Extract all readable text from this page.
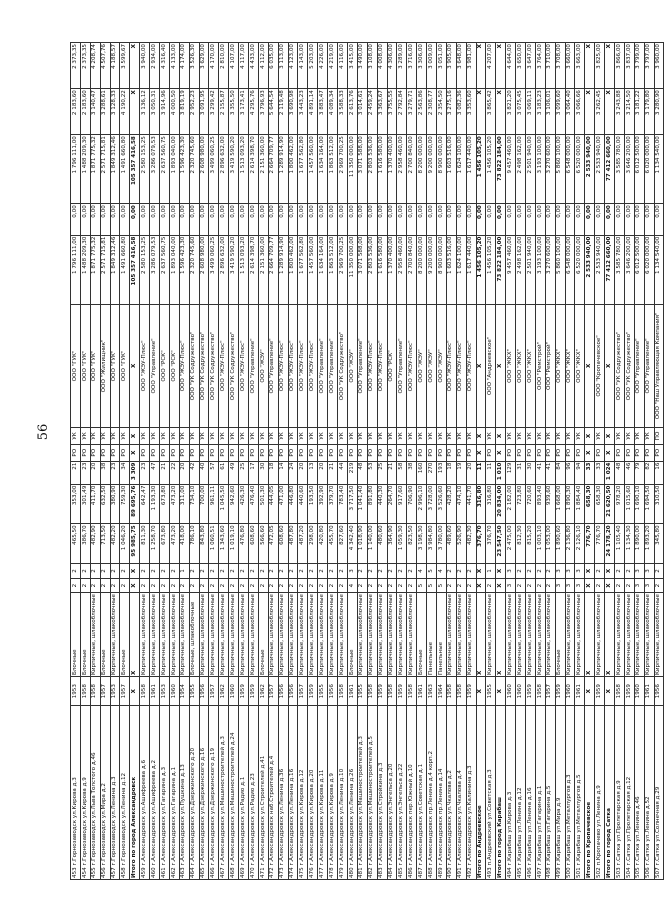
56
453 г.Горнозаводск ул.Кирова д.3	1953	Блочные	2	2	465,50	353,00	21	РО	УК	ООО "ГУК"	1 796 111,00	0,00	1 796 111,00	2 183,60	2 373,35
454 г.Горнозаводск ул.Кирова д.9	1958	Блочные	2	2	386,70	301,49	23	РО	УК	ООО "ГУК"	1 488 209,30	0,00	1 488 209,30	2 183,60	2 373,35
455 г.Горнозаводск ул.Льва Толстого д.46	1958	Кирпичные, шлакоблочные	2	2	482,90	411,70	20	РО	УК	ООО "ГУК"	1 871 775,32	0,00	1 871 775,32	3 140,47	4 208,74
456 г.Горнозаводск ул.Мира д.2	1957	Блочные	2	2	713,50	632,50	38	РО	УК	ООО "Жилищник"	2 571 715,81	0,00	2 571 715,81	3 288,61	4 507,76
457 г.Горнозаводск ул.Ленина д.3	1953	Кирпичные, шлакоблочные	2	2	482,20	380,90	23	РО	УК	ООО "ГУК"	1 849 312,46	0,00	1 849 312,46	3 128,33	4 188,57
458 г.Горнозаводск ул.Ленина д.12	1957	Блочные	2	2	1 046,20	759,30	34	РО	УК	ООО "ГУК"	1 491 660,80	0,00	1 491 660,80	4 190,22	3 599,67
Итого по город Александровск	X	X	X	X	95 985,75	89 695,76	3 309	X	X	X	105 357 416,58	0,00	105 357 416,58	X	X
459 г.Александровск ул.Ашифреева д.6	1958	Кирпичные, шлакоблочные	2	2	811,30	642,47	23	РО	УК	ООО "ЖЭУ-Плюс"	2 580 153,25	0,00	2 580 153,25	3 136,12	3 940,00
460 г.Александровск ул.Ашифреева д.2	1961	Кирпичные, шлакоблочные	2	2	1 258,70	1 193,30	47	РО	УК	ООО "Управление"	3 286 079,53	0,00	3 286 079,53	3 050,31	2 934,00
461 г.Александровск ул.Гагарина д.3	1953	Кирпичные, шлакоблочные	2	2	673,80	673,80	21	РО	УК	ООО "РСК"	2 637 560,75	0,00	2 637 560,75	3 914,96	4 316,40
462 г.Александровск ул.Гагарина д.1	1960	Кирпичные, шлакоблочные	2	2	473,20	473,20	22	РО	УК	ООО "РСК"	1 893 040,00	0,00	1 893 040,00	4 000,50	4 133,00
463 г.Александровск ул.Пушкина д.13	1954	Кирпичные, шлакоблочные	2	1	418,00	311,00	20	РО	УК	ООО "ЖЭУ-Плюс"	1 596 423,30	0,00	1 596 423,30	3 819,19	4 174,00
464 г.Александровск ул.Дзержинского д.20	1955	Блочные, шлакоблочные	2	2	786,10	734,10	42	РО	УК	ООО "УК Содружество"	2 320 745,60	0,00	2 320 745,60	2 952,23	3 526,30
465 г.Александровск ул.Дзержинского д.16	1956	Кирпичные, шлакоблочные	2	2	843,80	700,00	40	РО	УК	ООО "УК Содружество"	2 608 980,00	0,00	2 608 980,00	3 091,95	3 629,00
466 г.Александровск ул.Дзержинского д.19	1957	Кирпичные, шлакоблочные	2	2	1 060,51	961,11	57	РО	УК	ООО "УК Содружество"	3 499 060,25	0,00	3 499 060,25	3 299,42	4 170,00
467 г.Александровск ул.Машиностроителей д.3	1962	Кирпичные, шлакоблочные	2	2	1 343,60	1 045,50	61	РО	УК	ООО "ЖЭУ-Плюс"	2 896 632,00	0,00	2 896 632,00	2 155,87	2 810,00
468 г.Александровск ул.Машиностроителей д.24	1960	Кирпичные, шлакоблочные	2	2	1 019,10	942,60	49	РО	УК	ООО "УК Содружество"	3 419 590,20	0,00	3 419 590,20	3 355,50	4 107,00
469 г.Александровск ул.Радио д.1	1959	Кирпичные, шлакоблочные	2	2	476,80	426,30	25	РО	УК	ООО "ЖЭУ-Плюс"	1 513 093,20	0,00	1 513 093,20	3 173,41	4 117,00
470 г.Александровск ул.Радио д.23	1959	Кирпичные, шлакоблочные	2	2	608,60	476,40	17	РО	УК	ООО "Управление"	2 614 398,70	0,00	2 614 398,70	4 295,76	4 433,00
471 г.Александровск ул.Строителей д.41	1962	Блочные	2	2	566,60	501,30	30	РО	УК	ООО "ЖЭУ"	2 151 360,00	0,00	2 151 360,00	3 796,93	4 112,00
472 г.Александровск наб.Строителей д.4	1957	Кирпичные, шлакоблочные	2	2	472,05	444,05	18	РО	УК	ООО "Управление"	2 664 709,77	0,00	2 664 709,77	5 644,54	6 035,00
473 г.Александровск ул.Ленина д.36	1956	Кирпичные, шлакоблочные	2	2	608,60	471,00	14	РО	УК	ООО "ЖЭУ-Плюс"	1 289 914,90	0,00	1 289 914,90	2 119,48	3 113,00
474 г.Александровск ул.Ленина д.16	1956	Кирпичные, шлакоблочные	2	2	487,80	446,80	24	РО	УК	ООО "ЖЭУ-Плюс"	1 800 462,00	0,00	1 800 462,00	3 690,98	4 123,00
475 г.Александровск ул.Кирова д.12	1957	Кирпичные, шлакоблочные	2	2	487,20	440,60	20	РО	УК	ООО "ЖЭУ-Плюс"	1 677 562,80	0,00	1 677 562,80	3 443,23	4 143,00
476 г.Александровск ул.Кирова д.20	1959	Кирпичные, шлакоблочные	2	2	298,00	193,50	13	РО	УК	ООО "ЖЭУ-Плюс"	1 457 560,00	0,00	1 457 560,00	4 891,14	5 203,00
477 г.Александровск ул.Кирова д.11	1955	Кирпичные, шлакоблочные	2	2	420,80	392,90	20	РО	УК	ООО "Управление"	1 634 164,00	0,00	1 634 164,00	3 883,47	4 226,00
478 г.Александровск ул.Кирова д.9	1956	Кирпичные, шлакоблочные	2	2	455,70	379,70	21	РО	УК	ООО "Управление"	1 863 512,00	0,00	1 863 512,00	4 089,34	4 219,00
479 г.Александровск ул.Ленина д.10	1958	Кирпичные, шлакоблочные	2	2	827,60	783,40	44	РО	УК	ООО "УК Содружество"	2 969 700,25	0,00	2 969 700,25	3 588,33	4 116,00
480 г.Александровск ул.Ленина д.26	1961	Блочные	4	3	4 342,40	3 717,50	219	РО	УК	ООО "ЖЭУ"	11 350 000,00	0,00	11 350 000,00	2 613,76	3 415,00
481 г.Александровск ул.Машиностроителей д.3	1955	Кирпичные, шлакоблочные	2	2	1 018,90	1 041,40	48	РО	УК	ООО "Управление"	3 071 588,00	0,00	3 071 588,00	3 014,61	3 490,00
482 г.Александровск ул.Машиностроителей д.5	1958	Кирпичные, шлакоблочные	2	2	1 140,00	891,80	53	РО	УК	ООО "ЖЭУ-Плюс"	2 803 536,00	0,00	2 803 536,00	2 459,24	3 108,00
483 г.Александровск ул.Стройкина д.3	1959	Кирпичные, шлакоблочные	2	2	480,60	440,30	25	РО	УК	ООО "ЖЭУ-Плюс"	1 616 580,00	0,00	1 616 580,00	3 363,67	4 008,00
484 г.Александровск ул.Энгельса д.20	1958	Кирпичные, шлакоблочные	2	2	364,90	264,70	21	РО	УК	ООО "РСК"	1 370 400,00	0,00	1 370 400,00	3 755,55	4 306,00
485 г.Александровск ул.Энгельса д.22	1959	Кирпичные, шлакоблочные	2	2	1 059,30	917,60	58	РО	УК	ООО "Управление"	2 958 460,00	0,00	2 958 460,00	2 792,84	3 289,00
486 г.Александровск пер.Южный д.10	1958	Кирпичные, шлакоблочные	2	2	823,50	706,90	38	РО	УК	ООО "ЖЭУ-Плюс"	2 700 840,00	0,00	2 700 840,00	3 279,71	3 716,00
487 г.Александровск ул.Советская д.1	1961	Блочные	5	4	3 198,30	2 996,10	160	РО	УК	ООО "ЖЭУ"	8 200 000,00	0,00	8 200 000,00	2 563,86	3 306,00
488 г.Александровск пр.Ленина д.4 корп.2	1963	Панельные	5	5	3 984,80	3 728,00	270	РО	УК	ООО "ЖЭУ"	9 200 000,00	0,00	9 200 000,00	2 308,77	3 009,00
489 г.Александровск пр.Ленина д.14	1964	Панельные	5	4	3 780,00	3 526,60	193	РО	УК	ООО "ЖЭУ"	8 900 000,00	0,00	8 900 000,00	2 354,50	3 051,00
490 г.Александровск ул.Чкалова д.2	1958	Кирпичные, шлакоблочные	2	2	489,60	428,20	18	РО	УК	ООО "ЖЭУ-Плюс"	1 603 516,00	0,00	1 603 516,00	3 275,16	3 905,00
491 г.Александровск ул.Чкалова д.4	1958	Кирпичные, шлакоблочные	2	2	526,90	474,10	19	РО	УК	ООО "ЖЭУ-Плюс"	1 624 100,00	0,00	1 624 100,00	3 082,36	3 648,00
492 г.Александровск ул.Калинина д.3	1959	Кирпичные, шлакоблочные	2	2	482,30	441,70	20	РО	УК	ООО "ЖЭУ-Плюс"	1 617 440,00	0,00	1 617 440,00	3 353,60	3 981,00
Итого по Андреевское	X	X	X	X	376,70	316,80	11	X	X	X	1 456 105,20	0,00	1 456 105,20	X	X
493 п.Андреевский ул.Советская д.3	1955	Кирпичные, шлакоблочные	2	1	376,70	316,80	11	РО	УК	ООО "Андреевское"	1 456 105,20	0,00	1 456 105,20	3 865,42	4 207,00
Итого по город Карабаш	X	X	X	X	23 547,50	20 834,00	1 010	X	X	X	73 822 184,00	0,00	73 822 184,00	X	X
494 г.Карабаш ул.Кирова д.3	1960	Кирпичные, шлакоблочные	3	3	2 475,00	2 182,00	129	РО	УК	ООО "ЖКХ"	9 457 460,00	0,00	9 457 460,00	3 821,20	4 644,00
495 г.Карабаш ул.Ленина д.12	1960	Кирпичные, шлакоблочные	2	2	812,30	723,80	31	РО	УК	ООО "ЖКХ"	2 498 162,00	0,00	2 498 162,00	3 075,45	3 650,00
496 г.Карабаш ул.Ленина д.16	1959	Кирпичные, шлакоблочные	2	2	815,20	720,60	30	РО	УК	ООО "ЖКХ"	2 501 940,00	0,00	2 501 940,00	3 069,11	3 647,00
497 г.Карабаш ул.Гагарина д.1	1958	Кирпичные, шлакоблочные	2	2	1 003,10	893,40	41	РО	УК	ООО "Ремстрой"	3 193 100,00	0,00	3 193 100,00	3 183,23	3 764,00
498 г.Карабаш ул.Гагарина д.5	1957	Кирпичные, шлакоблочные	2	2	1 053,00	939,60	41	РО	УК	ООО "Ремстрой"	3 270 600,00	0,00	3 270 600,00	3 106,01	3 710,00
499 г.Карабаш ул.Мира д.9	1959	Блочные	3	3	1 890,60	1 668,00	84	РО	УК	ООО "ЖКХ"	5 860 100,00	0,00	5 860 100,00	3 099,60	3 708,00
500 г.Карабаш ул.Металлургов д.3	1960	Кирпичные, шлакоблочные	3	3	2 136,80	1 890,30	96	РО	УК	ООО "ЖКХ"	6 548 000,00	0,00	6 548 000,00	3 064,40	3 660,00
501 г.Карабаш ул.Металлургов д.5	1961	Кирпичные, шлакоблочные	3	3	2 126,10	1 884,40	94	РО	УК	ООО "ЖКХ"	6 520 000,00	0,00	6 520 000,00	3 066,66	3 663,00
Итого по Кропачевское	X	X	X	X	776,70	658,30	33	X	X	X	2 533 940,00	0,00	2 533 940,00	X	X
502 п.Кропачево ул.Ленина д.9	1959	Кирпичные, шлакоблочные	2	2	776,70	658,30	33	РО	УК	ООО "Кропачевское"	2 533 940,00	0,00	2 533 940,00	3 262,45	3 825,00
Итого по город Сатка	X	X	X	X	24 178,20	21 620,50	1 024	X	X	X	77 412 660,00	0,00	77 412 660,00	X	X
503 г.Сатка ул.Пролетарская д.9	1958	Кирпичные, шлакоблочные	2	2	1 105,40	978,20	48	РО	УК	ООО "УК Содружество"	3 585 780,00	0,00	3 585 780,00	3 243,88	3 866,00
504 г.Сатка ул.Пролетарская д.12	1959	Кирпичные, шлакоблочные	2	2	1 134,30	1 015,60	46	РО	УК	ООО "УК Содружество"	3 646 200,00	0,00	3 646 200,00	3 214,50	3 837,00
505 г.Сатка ул.Ленина д.46	1960	Кирпичные, шлакоблочные	3	3	1 890,00	1 690,10	79	РО	УК	ООО "Управление"	6 012 500,00	0,00	6 012 500,00	3 181,22	3 799,00
506 г.Сатка ул.Ленина д.52	1961	Кирпичные, шлакоблочные	3	3	1 893,20	1 694,50	82	РО	УК	ООО "Управление"	6 020 000,00	0,00	6 020 000,00	3 179,80	3 797,00
507 г.Сатка ул.Солнечная д.29	1956	Кирпичные, шлакоблочные	2	2	345,80	310,50	16	РО	ПО	ООО "Наш Управляющая Компания"	1 134 540,00	0,00	1 134 540,00	3 280,90	3 960,00
